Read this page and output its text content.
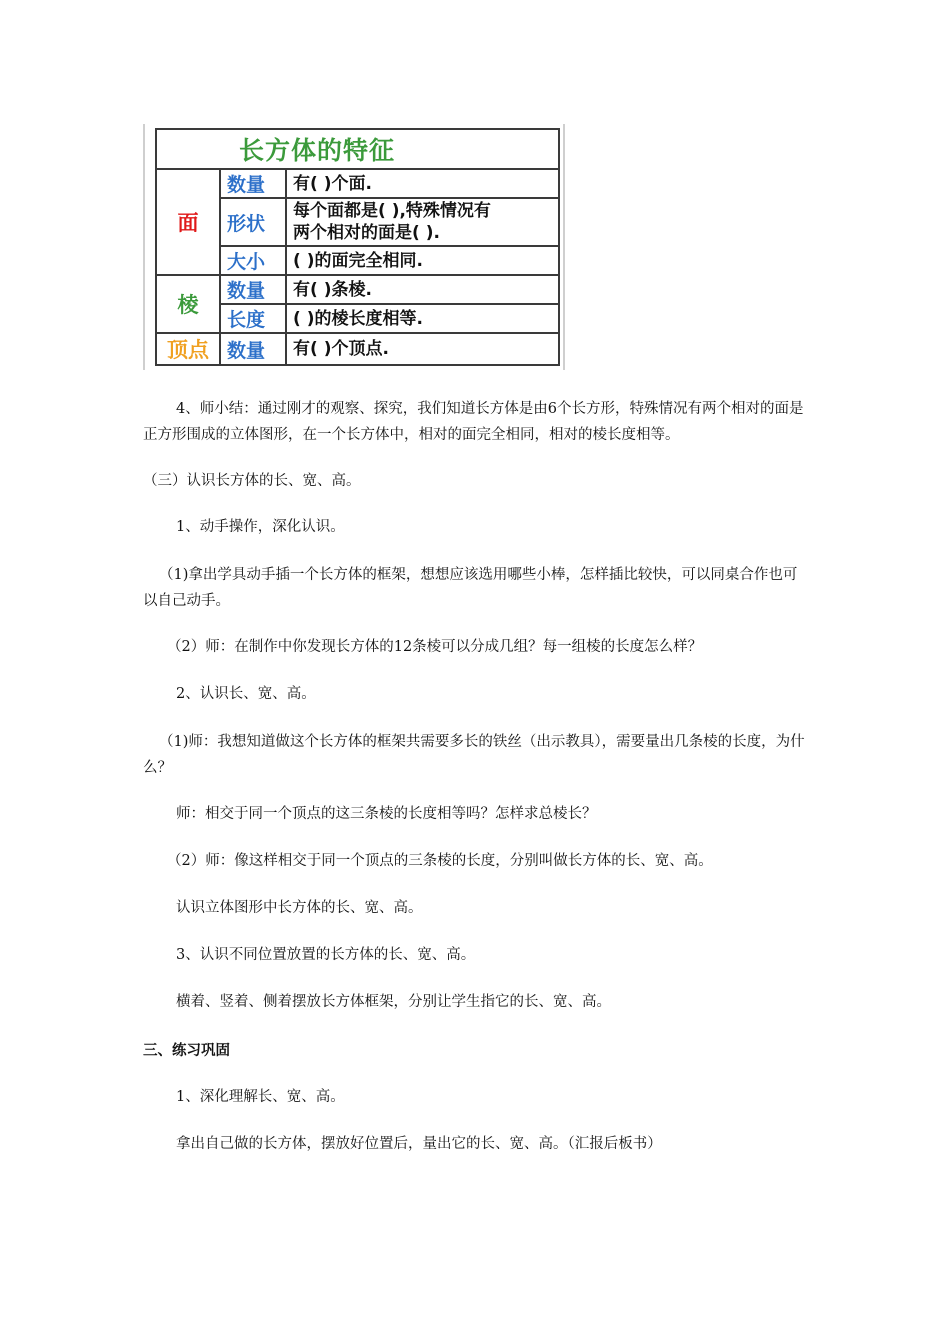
长方体的特征		
面	数量	有( )个面.
	形状	每个面都是( ),特殊情况有
两个相对的面是( ).

	大小	( )的面完全相同.
棱	数量	有( )条棱.
	长度	( )的棱长度相等.
顶点	数量	有( )个顶点.

4、师小结：通过刚才的观察、探究，我们知道长方体是由6个长方形，特殊情况有两个相对的面是正方形围成的立体图形，在一个长方体中，相对的面完全相同，相对的棱长度相等。

（三）认识长方体的长、宽、高。

1、动手操作，深化认识。

（1)拿出学具动手插一个长方体的框架，想想应该选用哪些小棒，怎样插比较快，可以同桌合作也可以自己动手。

（2）师：在制作中你发现长方体的12条棱可以分成几组？每一组棱的长度怎么样？

2、认识长、宽、高。

（1)师：我想知道做这个长方体的框架共需要多长的铁丝（出示教具），需要量出几条棱的长度，为什么？

师：相交于同一个顶点的这三条棱的长度相等吗？怎样求总棱长？

（2）师：像这样相交于同一个顶点的三条棱的长度，分别叫做长方体的长、宽、高。

认识立体图形中长方体的长、宽、高。

3、认识不同位置放置的长方体的长、宽、高。

横着、竖着、侧着摆放长方体框架，分别让学生指它的长、宽、高。

三、练习巩固

1、深化理解长、宽、高。

拿出自己做的长方体，摆放好位置后，量出它的长、宽、高。（汇报后板书）
